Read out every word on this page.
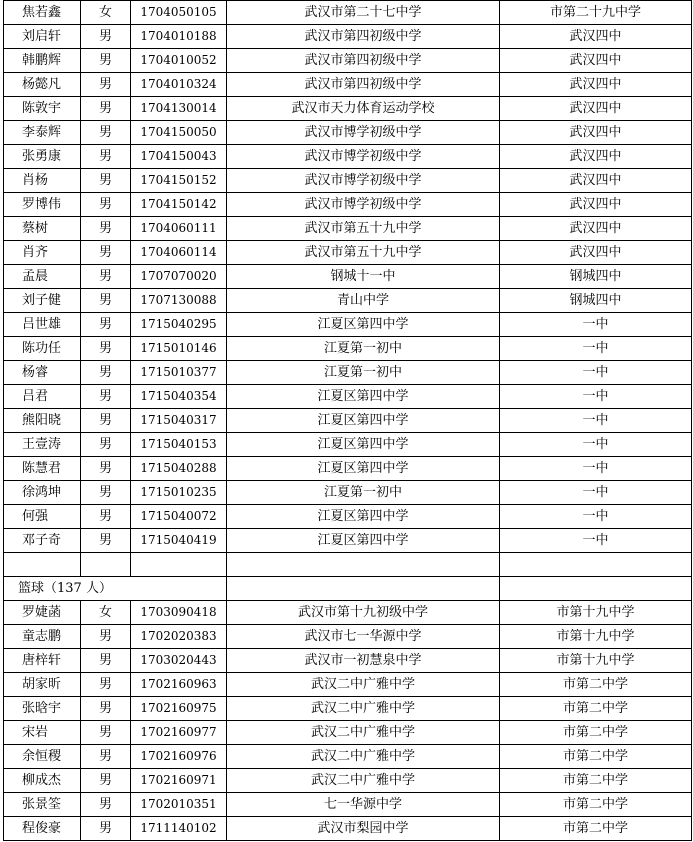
焦若鑫	女	1704050105	武汉市第二十七中学	市第二十九中学
刘启轩	男	1704010188	武汉市第四初级中学	武汉四中
韩鹏辉	男	1704010052	武汉市第四初级中学	武汉四中
杨懿凡	男	1704010324	武汉市第四初级中学	武汉四中
陈敦宇	男	1704130014	武汉市天力体育运动学校	武汉四中
李泰辉	男	1704150050	武汉市博学初级中学	武汉四中
张勇康	男	1704150043	武汉市博学初级中学	武汉四中
肖杨	男	1704150152	武汉市博学初级中学	武汉四中
罗博伟	男	1704150142	武汉市博学初级中学	武汉四中
蔡树	男	1704060111	武汉市第五十九中学	武汉四中
肖齐	男	1704060114	武汉市第五十九中学	武汉四中
孟晨	男	1707070020	钢城十一中	钢城四中
刘子健	男	1707130088	青山中学	钢城四中
吕世雄	男	1715040295	江夏区第四中学	一中
陈功任	男	1715010146	江夏第一初中	一中
杨睿	男	1715010377	江夏第一初中	一中
吕君	男	1715040354	江夏区第四中学	一中
熊阳晓	男	1715040317	江夏区第四中学	一中
王壹涛	男	1715040153	江夏区第四中学	一中
陈慧君	男	1715040288	江夏区第四中学	一中
徐鸿坤	男	1715010235	江夏第一初中	一中
何强	男	1715040072	江夏区第四中学	一中
邓子奇	男	1715040419	江夏区第四中学	一中

篮球（137 人）				
罗婕菡	女	1703090418	武汉市第十九初级中学	市第十九中学
童志鹏	男	1702020383	武汉市七一华源中学	市第十九中学
唐梓轩	男	1703020443	武汉市一初慧泉中学	市第十九中学
胡家昕	男	1702160963	武汉二中广雅中学	市第二中学
张晗宇	男	1702160975	武汉二中广雅中学	市第二中学
宋岩	男	1702160977	武汉二中广雅中学	市第二中学
余恒稷	男	1702160976	武汉二中广雅中学	市第二中学
柳成杰	男	1702160971	武汉二中广雅中学	市第二中学
张景筌	男	1702010351	七一华源中学	市第二中学
程俊豪	男	1711140102	武汉市梨园中学	市第二中学
